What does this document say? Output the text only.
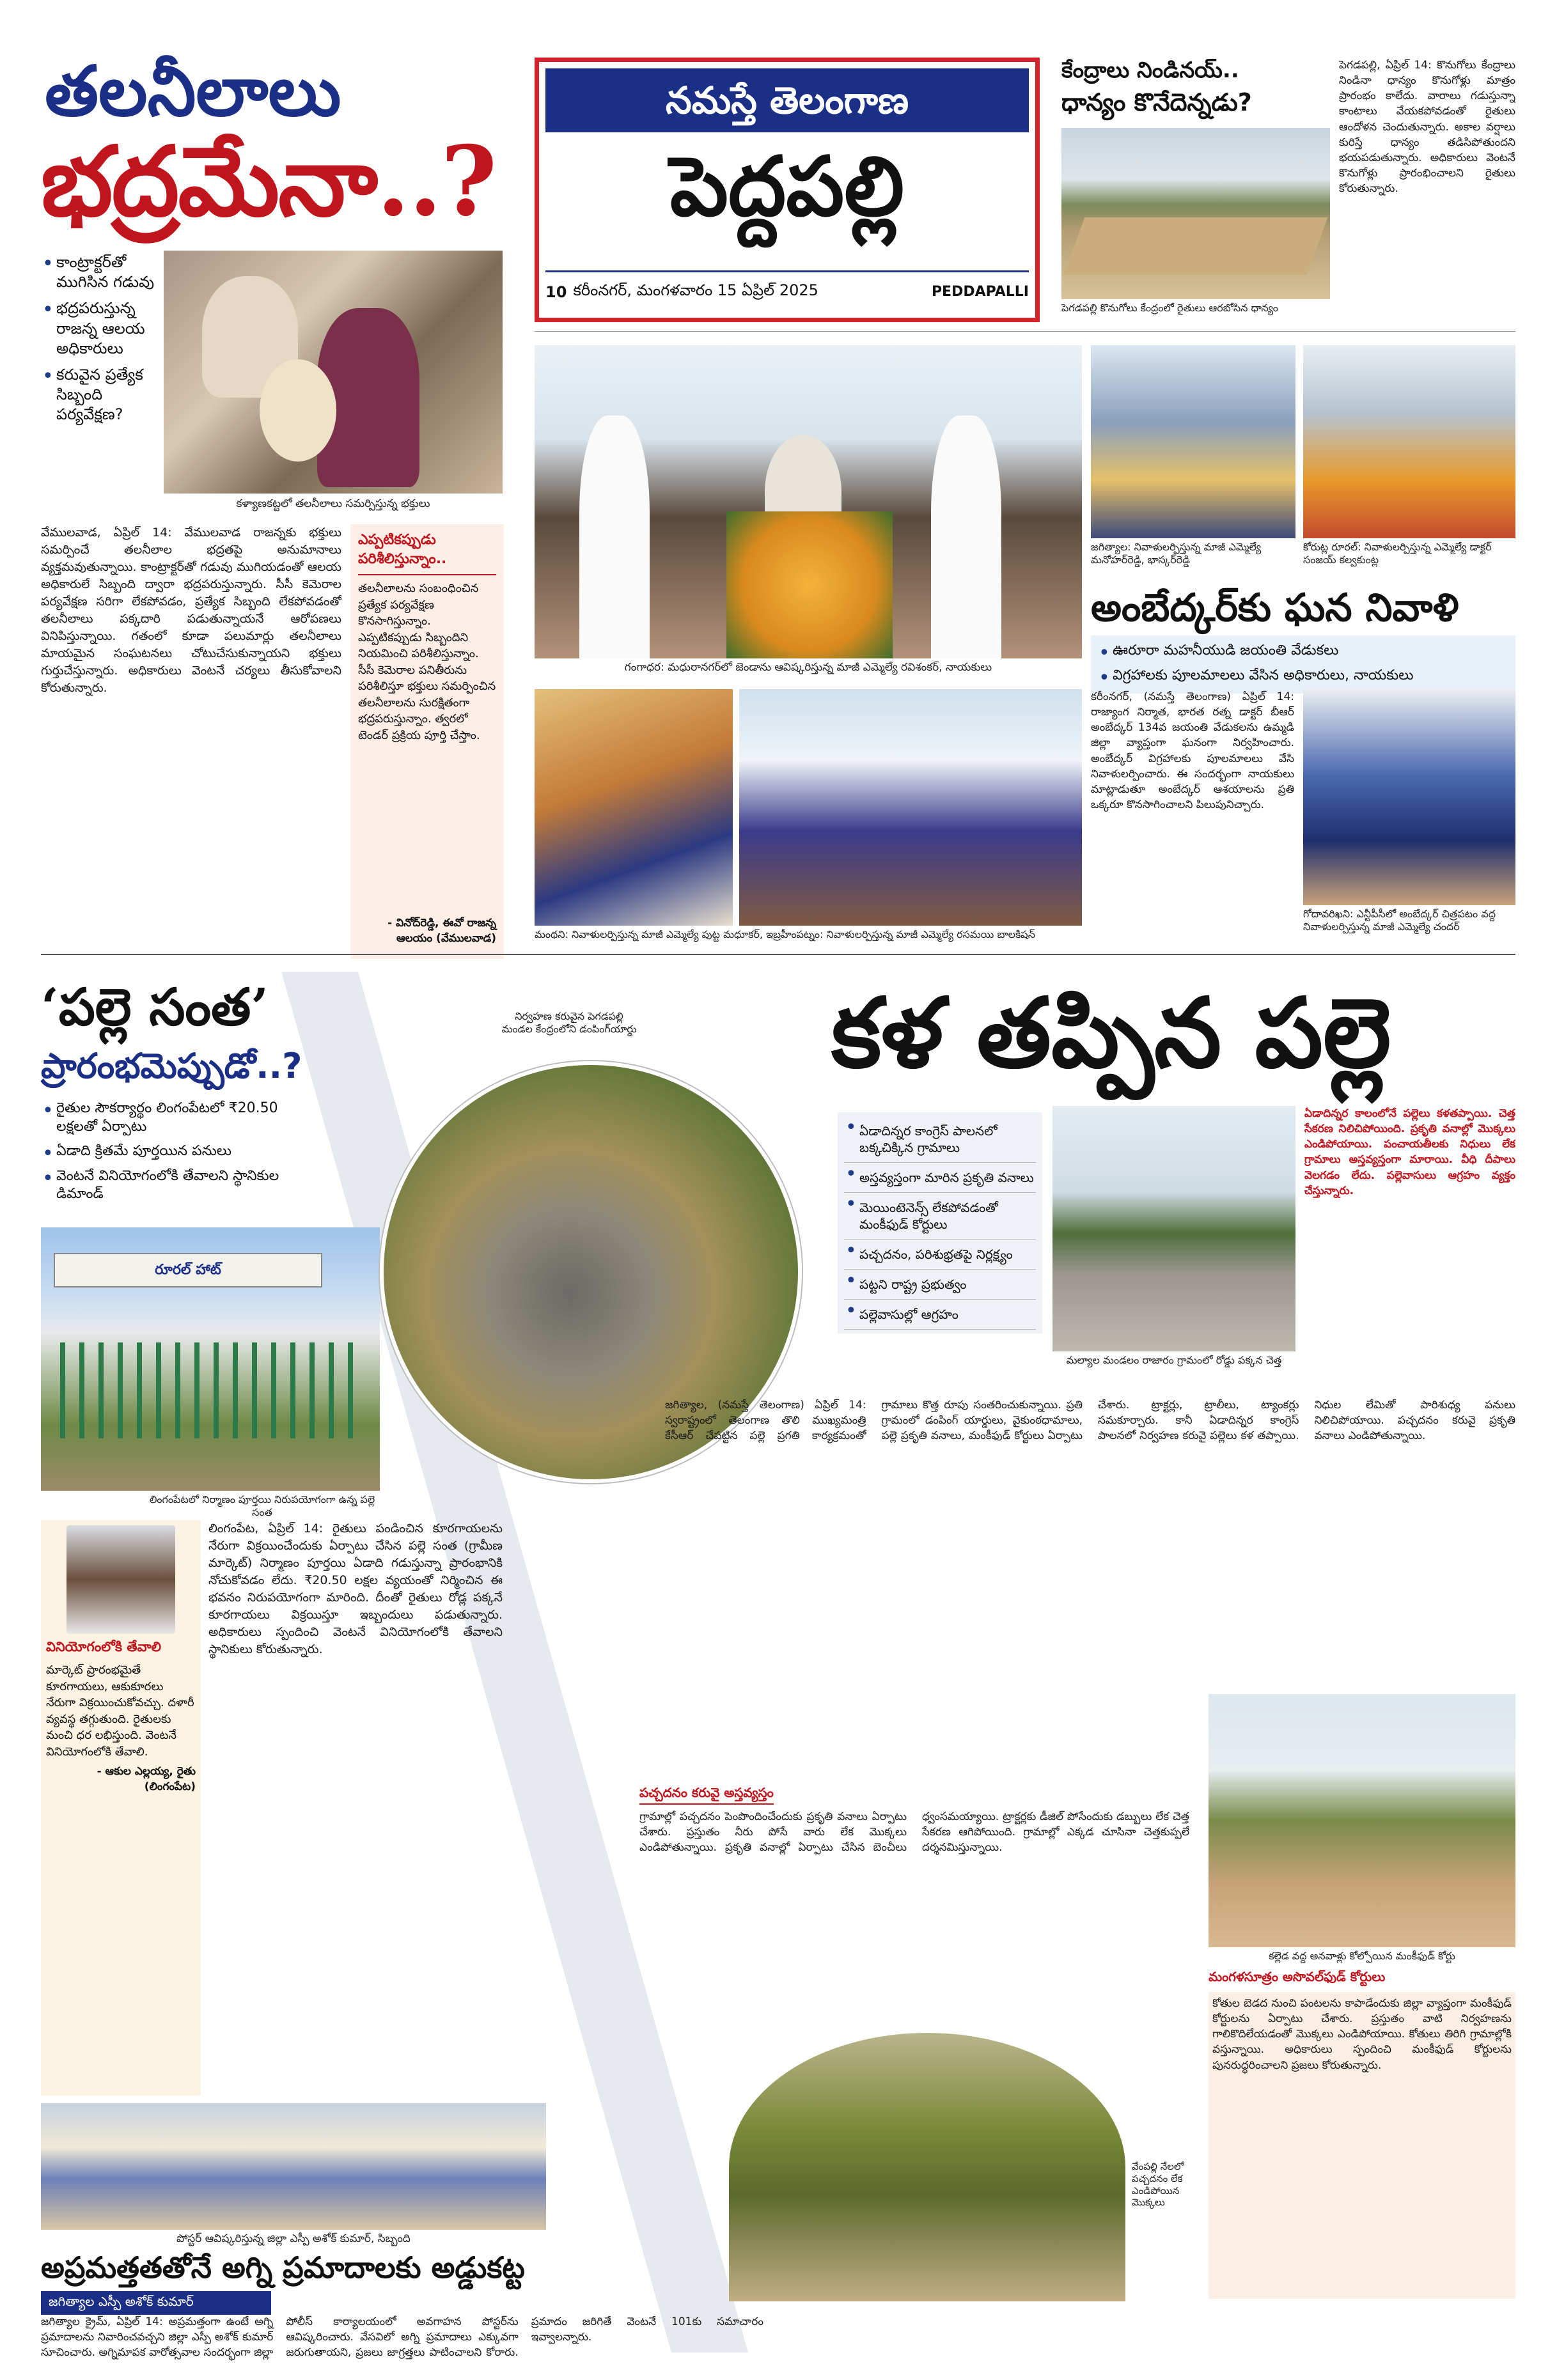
నమస్తే తెలంగాణ
పెద్దపల్లి
10 కరీంనగర్, మంగళవారం 15 ఏప్రిల్ 2025	PEDDAPALLI
తలనీలాలు
భద్రమేనా..?
• కాంట్రాక్టర్‌తో ముగిసిన గడువు
• భద్రపరుస్తున్న రాజన్న ఆలయ అధికారులు
• కరువైన ప్రత్యేక సిబ్బంది పర్యవేక్షణ?
కళ్యాణకట్టలో తలనీలాలు సమర్పిస్తున్న భక్తులు
వేములవాడ, ఏప్రిల్ 14: వేములవాడ రాజన్నకు భక్తులు సమర్పించే తలనీలాల భద్రతపై అనుమానాలు వ్యక్తమవుతున్నాయి. కాంట్రాక్టర్‌తో గడువు ముగియడంతో ఆలయ అధికారులే సిబ్బంది ద్వారా భద్రపరుస్తున్నారు. సీసీ కెమెరాల పర్యవేక్షణ సరిగా లేకపోవడం, ప్రత్యేక సిబ్బంది లేకపోవడంతో తలనీలాలు పక్కదారి పడుతున్నాయనే ఆరోపణలు వినిపిస్తున్నాయి. గతంలో కూడా పలుమార్లు తలనీలాలు మాయమైన సంఘటనలు చోటుచేసుకున్నాయని భక్తులు గుర్తుచేస్తున్నారు. అధికారులు వెంటనే చర్యలు తీసుకోవాలని కోరుతున్నారు.
ఎప్పటికప్పుడు
పరిశీలిస్తున్నాం..
తలనీలాలను సంబంధించిన ప్రత్యేక పర్యవేక్షణ కొనసాగిస్తున్నాం. ఎప్పటికప్పుడు సిబ్బందిని నియమించి పరిశీలిస్తున్నాం. సీసీ కెమెరాల పనితీరును పరిశీలిస్తూ భక్తులు సమర్పించిన తలనీలాలను సురక్షితంగా భద్రపరుస్తున్నాం. త్వరలో టెండర్ ప్రక్రియ పూర్తి చేస్తాం.
- వినోద్‌రెడ్డి, ఈవో రాజన్న
ఆలయం (వేములవాడ)
కేంద్రాలు నిండినయ్..
ధాన్యం కొనేదెన్నడు?
పెగడపల్లి కొనుగోలు కేంద్రంలో రైతులు ఆరబోసిన ధాన్యం
పెగడపల్లి, ఏప్రిల్ 14: కొనుగోలు కేంద్రాలు నిండినా ధాన్యం కొనుగోళ్లు మాత్రం ప్రారంభం కాలేదు. వారాలు గడుస్తున్నా కాంటాలు వేయకపోవడంతో రైతులు ఆందోళన చెందుతున్నారు. అకాల వర్షాలు కురిస్తే ధాన్యం తడిసిపోతుందని భయపడుతున్నారు. అధికారులు వెంటనే కొనుగోళ్లు ప్రారంభించాలని రైతులు కోరుతున్నారు.
గంగాధర: మధురానగర్‌లో జెండాను ఆవిష్కరిస్తున్న మాజీ ఎమ్మెల్యే రవిశంకర్, నాయకులు
జగిత్యాల: నివాళులర్పిస్తున్న మాజీ ఎమ్మెల్యే మనోహర్‌రెడ్డి, భాస్కర్‌రెడ్డి
కోరుట్ల రూరల్: నివాళులర్పిస్తున్న ఎమ్మెల్యే డాక్టర్ సంజయ్ కల్వకుంట్ల
అంబేద్కర్‌కు ఘన నివాళి
• ఊరూరా మహనీయుడి జయంతి వేడుకలు
• విగ్రహాలకు పూలమాలలు వేసిన అధికారులు, నాయకులు
మంథని: నివాళులర్పిస్తున్న మాజీ ఎమ్మెల్యే పుట్ట మధూకర్, ఇబ్రహీంపట్నం: నివాళులర్పిస్తున్న మాజీ ఎమ్మెల్యే రసమయి బాలకిషన్
కరీంనగర్, (నమస్తే తెలంగాణ) ఏప్రిల్ 14: రాజ్యాంగ నిర్మాత, భారత రత్న డాక్టర్ బీఆర్ అంబేద్కర్ 134వ జయంతి వేడుకలను ఉమ్మడి జిల్లా వ్యాప్తంగా ఘనంగా నిర్వహించారు. అంబేద్కర్ విగ్రహాలకు పూలమాలలు వేసి నివాళులర్పించారు. ఈ సందర్భంగా నాయకులు మాట్లాడుతూ అంబేద్కర్ ఆశయాలను ప్రతి ఒక్కరూ కొనసాగించాలని పిలుపునిచ్చారు.
గోదావరిఖని: ఎన్టీపీసీలో అంబేద్కర్ చిత్రపటం వద్ద నివాళులర్పిస్తున్న మాజీ ఎమ్మెల్యే చందర్
‘పల్లె సంత’
ప్రారంభమెప్పుడో..?
• రైతుల సౌకర్యార్థం లింగంపేటలో ₹20.50 లక్షలతో ఏర్పాటు
• ఏడాది క్రితమే పూర్తయిన పనులు
• వెంటనే వినియోగంలోకి తేవాలని స్థానికుల డిమాండ్
రూరల్ హాట్
లింగంపేటలో నిర్మాణం పూర్తయి నిరుపయోగంగా ఉన్న పల్లె సంత
వినియోగంలోకి తేవాలి
మార్కెట్ ప్రారంభమైతే కూరగాయలు, ఆకుకూరలు నేరుగా విక్రయించుకోవచ్చు. దళారీ వ్యవస్థ తగ్గుతుంది. రైతులకు మంచి ధర లభిస్తుంది. వెంటనే వినియోగంలోకి తేవాలి.
- ఆకుల ఎల్లయ్య, రైతు
(లింగంపేట)
లింగంపేట, ఏప్రిల్ 14: రైతులు పండించిన కూరగాయలను నేరుగా విక్రయించేందుకు ఏర్పాటు చేసిన పల్లె సంత (గ్రామీణ మార్కెట్) నిర్మాణం పూర్తయి ఏడాది గడుస్తున్నా ప్రారంభానికి నోచుకోవడం లేదు. ₹20.50 లక్షల వ్యయంతో నిర్మించిన ఈ భవనం నిరుపయోగంగా మారింది. దీంతో రైతులు రోడ్ల పక్కనే కూరగాయలు విక్రయిస్తూ ఇబ్బందులు పడుతున్నారు. అధికారులు స్పందించి వెంటనే వినియోగంలోకి తేవాలని స్థానికులు కోరుతున్నారు.
పోస్టర్ ఆవిష్కరిస్తున్న జిల్లా ఎస్పీ అశోక్ కుమార్, సిబ్బంది
అప్రమత్తతతోనే అగ్ని ప్రమాదాలకు అడ్డుకట్ట
జగిత్యాల ఎస్పీ అశోక్ కుమార్
జగిత్యాల క్రైమ్, ఏప్రిల్ 14: అప్రమత్తంగా ఉంటే అగ్ని ప్రమాదాలను నివారించవచ్చని జిల్లా ఎస్పీ అశోక్ కుమార్ సూచించారు. అగ్నిమాపక వారోత్సవాల సందర్భంగా జిల్లా పోలీస్ కార్యాలయంలో అవగాహన పోస్టర్‌ను ఆవిష్కరించారు. వేసవిలో అగ్ని ప్రమాదాలు ఎక్కువగా జరుగుతాయని, ప్రజలు జాగ్రత్తలు పాటించాలని కోరారు. ప్రమాదం జరిగితే వెంటనే 101కు సమాచారం ఇవ్వాలన్నారు.
కళ తప్పిన పల్లె
నిర్వహణ కరువైన పెగడపల్లి మండల కేంద్రంలోని డంపింగ్‌యార్డు
• ఏడాదిన్నర కాంగ్రెస్ పాలనలో బక్కచిక్కిన గ్రామాలు
• అస్తవ్యస్తంగా మారిన ప్రకృతి వనాలు
• మెయింటెనెన్స్ లేకపోవడంతో మంకీఫుడ్ కోర్టులు
• పచ్చదనం, పరిశుభ్రతపై నిర్లక్ష్యం
• పట్టని రాష్ట్ర ప్రభుత్వం
• పల్లెవాసుల్లో ఆగ్రహం
మల్యాల మండలం రాజారం గ్రామంలో రోడ్డు పక్కన చెత్త
ఏడాదిన్నర కాలంలోనే పల్లెలు కళతప్పాయి. చెత్త సేకరణ నిలిచిపోయింది. ప్రకృతి వనాల్లో మొక్కలు ఎండిపోయాయి. పంచాయతీలకు నిధులు లేక గ్రామాలు అస్తవ్యస్తంగా మారాయి. వీధి దీపాలు వెలగడం లేదు. పల్లెవాసులు ఆగ్రహం వ్యక్తం చేస్తున్నారు.
జగిత్యాల, (నమస్తే తెలంగాణ) ఏప్రిల్ 14: స్వరాష్ట్రంలో తెలంగాణ తొలి ముఖ్యమంత్రి కేసీఆర్ చేపట్టిన పల్లె ప్రగతి కార్యక్రమంతో గ్రామాలు కొత్త రూపు సంతరించుకున్నాయి. ప్రతి గ్రామంలో డంపింగ్ యార్డులు, వైకుంఠధామాలు, పల్లె ప్రకృతి వనాలు, మంకీఫుడ్ కోర్టులు ఏర్పాటు చేశారు. ట్రాక్టర్లు, ట్రాలీలు, ట్యాంకర్లు సమకూర్చారు. కానీ ఏడాదిన్నర కాంగ్రెస్ పాలనలో నిర్వహణ కరువై పల్లెలు కళ తప్పాయి. నిధుల లేమితో పారిశుధ్య పనులు నిలిచిపోయాయి. పచ్చదనం కరువై ప్రకృతి వనాలు ఎండిపోతున్నాయి.
పచ్చదనం కరువై అస్తవ్యస్తం
గ్రామాల్లో పచ్చదనం పెంపొందించేందుకు ప్రకృతి వనాలు ఏర్పాటు చేశారు. ప్రస్తుతం నీరు పోసే వారు లేక మొక్కలు ఎండిపోతున్నాయి. ప్రకృతి వనాల్లో ఏర్పాటు చేసిన బెంచీలు ధ్వంసమయ్యాయి. ట్రాక్టర్లకు డీజిల్ పోసేందుకు డబ్బులు లేక చెత్త సేకరణ ఆగిపోయింది. గ్రామాల్లో ఎక్కడ చూసినా చెత్తకుప్పలే దర్శనమిస్తున్నాయి.
కల్లెడ వద్ద అనవాళ్లు కోల్పోయిన మంకీఫుడ్ కోర్టు
మంగళసూత్రం అసొవల్‌ఫుడ్ కోర్టులు
కోతుల బెడద నుంచి పంటలను కాపాడేందుకు జిల్లా వ్యాప్తంగా మంకీఫుడ్ కోర్టులను ఏర్పాటు చేశారు. ప్రస్తుతం వాటి నిర్వహణను గాలికొదిలేయడంతో మొక్కలు ఎండిపోయాయి. కోతులు తిరిగి గ్రామాల్లోకి వస్తున్నాయి. అధికారులు స్పందించి మంకీఫుడ్ కోర్టులను పునరుద్ధరించాలని ప్రజలు కోరుతున్నారు.
వేంపల్లి నేలలో పచ్చదనం లేక ఎండిపోయిన మొక్కలు
